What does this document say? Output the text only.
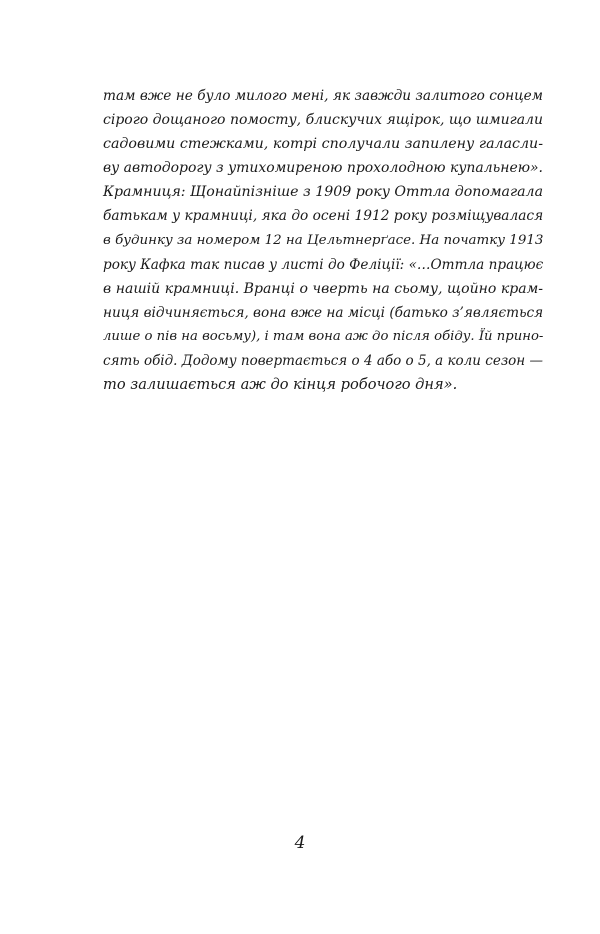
там вже не було милого мені, як завжди залитого сонцем
сірого дощаного помосту, блискучих ящірок, що шмигали
садовими стежками, котрі сполучали запилену галасли-
ву автодорогу з утихомиреною прохолодною купальнею».
Крамниця: Щонайпізніше з 1909 року Оттла допомагала
батькам у крамниці, яка до осені 1912 року розміщувалася
в будинку за номером 12 на Цельтнерґасе. На початку 1913
року Кафка так писав у листі до Феліції: «…Оттла працює
в нашій крамниці. Вранці о чверть на сьому, щойно крам-
ниця відчиняється, вона вже на місці (батько з’являється
лише о пів на восьму), і там вона аж до після обіду. Їй прино-
сять обід. Додому повертається о 4 або о 5, а коли сезон —
то залишається аж до кінця робочого дня».
4
